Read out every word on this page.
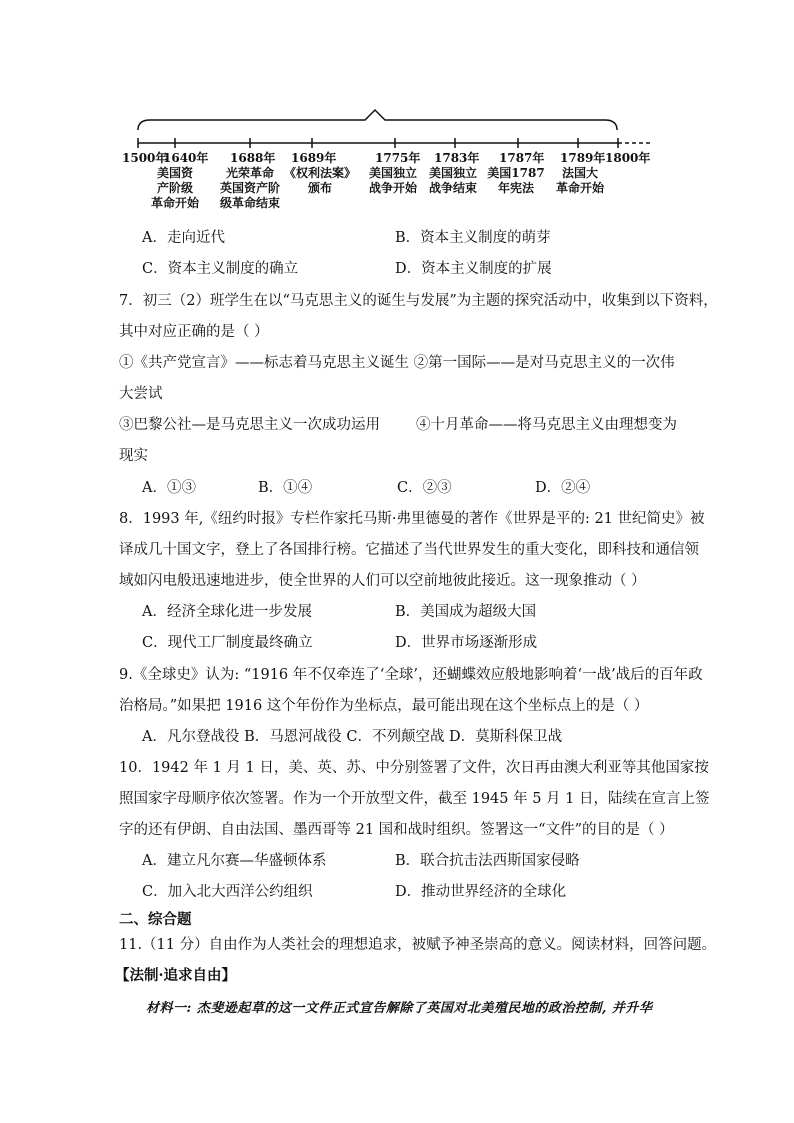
1500年
1640年 1688年 1689年	1775年 1783年 1787年 1789年 1800年
美国资
产阶级
革命开始
光荣革命
英国资产阶
级革命结束
《权利法案》
颁布
美国独立
战争开始
美国独立
战争结束
美国1787
年宪法
法国大
革命开始
A．走向近代	B．资本主义制度的萌芽
C．资本主义制度的确立	D．资本主义制度的扩展
7．初三（2）班学生在以“马克思主义的诞生与发展”为主题的探究活动中，收集到以下资料，
其中对应正确的是（ ）
①《共产党宣言》——标志着马克思主义诞生 ②第一国际——是对马克思主义的一次伟
大尝试
③巴黎公社—是马克思主义一次成功运用 ④十月革命——将马克思主义由理想变为
现实
A．①③	B．①④	C．②③	D．②④
8．1993 年,《纽约时报》专栏作家托马斯·弗里德曼的著作《世界是平的: 21 世纪简史》被
译成几十国文字，登上了各国排行榜。它描述了当代世界发生的重大变化，即科技和通信领
域如闪电般迅速地进步，使全世界的人们可以空前地彼此接近。这一现象推动（ ）
A．经济全球化进一步发展	B．美国成为超级大国
C．现代工厂制度最终确立	D．世界市场逐渐形成
9.《全球史》认为: “1916 年不仅牵连了‘全球’，还蝴蝶效应般地影响着‘一战’战后的百年政
治格局。”如果把 1916 这个年份作为坐标点，最可能出现在这个坐标点上的是（ ）
A．凡尔登战役 B．马恩河战役 C．不列颠空战 D．莫斯科保卫战
10．1942 年 1 月 1 日，美、英、苏、中分别签署了文件，次日再由澳大利亚等其他国家按
照国家字母顺序依次签署。作为一个开放型文件，截至 1945 年 5 月 1 日，陆续在宣言上签
字的还有伊朗、自由法国、墨西哥等 21 国和战时组织。签署这一“文件”的目的是（ ）
A．建立凡尔赛—华盛顿体系	B．联合抗击法西斯国家侵略
C．加入北大西洋公约组织	D．推动世界经济的全球化
二、综合题
11.（11 分）自由作为人类社会的理想追求，被赋予神圣崇高的意义。阅读材料，回答问题。
【法制·追求自由】
材料一: 杰斐逊起草的这一文件正式宣告解除了英国对北美殖民地的政治控制, 并升华
